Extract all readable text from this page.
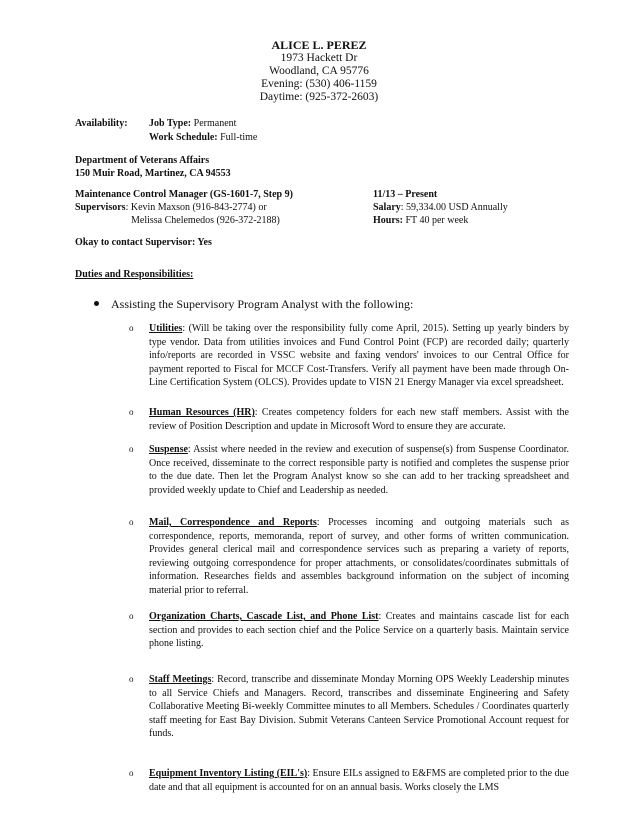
ALICE L. PEREZ
1973 Hackett Dr
Woodland, CA 95776
Evening: (530) 406-1159
Daytime: (925-372-2603)
Availability: Job Type: Permanent
Work Schedule: Full-time
Department of Veterans Affairs
150 Muir Road, Martinez, CA 94553
Maintenance Control Manager (GS-1601-7, Step 9)	11/13 – Present
Supervisors: Kevin Maxson (916-843-2774) or	Salary: 59,334.00 USD Annually
Melissa Chelemedos (926-372-2188)	Hours: FT 40 per week
Okay to contact Supervisor: Yes
Duties and Responsibilities:
Assisting the Supervisory Program Analyst with the following:
o Utilities: (Will be taking over the responsibility fully come April, 2015). Setting up yearly binders by type vendor. Data from utilities invoices and Fund Control Point (FCP) are recorded daily; quarterly info/reports are recorded in VSSC website and faxing vendors' invoices to our Central Office for payment reported to Fiscal for MCCF Cost-Transfers. Verify all payment have been made through On-Line Certification System (OLCS). Provides update to VISN 21 Energy Manager via excel spreadsheet.
o Human Resources (HR): Creates competency folders for each new staff members. Assist with the review of Position Description and update in Microsoft Word to ensure they are accurate.
o Suspense: Assist where needed in the review and execution of suspense(s) from Suspense Coordinator. Once received, disseminate to the correct responsible party is notified and completes the suspense prior to the due date. Then let the Program Analyst know so she can add to her tracking spreadsheet and provided weekly update to Chief and Leadership as needed.
o Mail, Correspondence and Reports: Processes incoming and outgoing materials such as correspondence, reports, memoranda, report of survey, and other forms of written communication. Provides general clerical mail and correspondence services such as preparing a variety of reports, reviewing outgoing correspondence for proper attachments, or consolidates/coordinates submittals of information. Researches fields and assembles background information on the subject of incoming material prior to referral.
o Organization Charts, Cascade List, and Phone List: Creates and maintains cascade list for each section and provides to each section chief and the Police Service on a quarterly basis. Maintain service phone listing.
o Staff Meetings: Record, transcribe and disseminate Monday Morning OPS Weekly Leadership minutes to all Service Chiefs and Managers. Record, transcribes and disseminate Engineering and Safety Collaborative Meeting Bi-weekly Committee minutes to all Members. Schedules / Coordinates quarterly staff meeting for East Bay Division. Submit Veterans Canteen Service Promotional Account request for funds.
o Equipment Inventory Listing (EIL's): Ensure EILs assigned to E&FMS are completed prior to the due date and that all equipment is accounted for on an annual basis. Works closely the LMS
